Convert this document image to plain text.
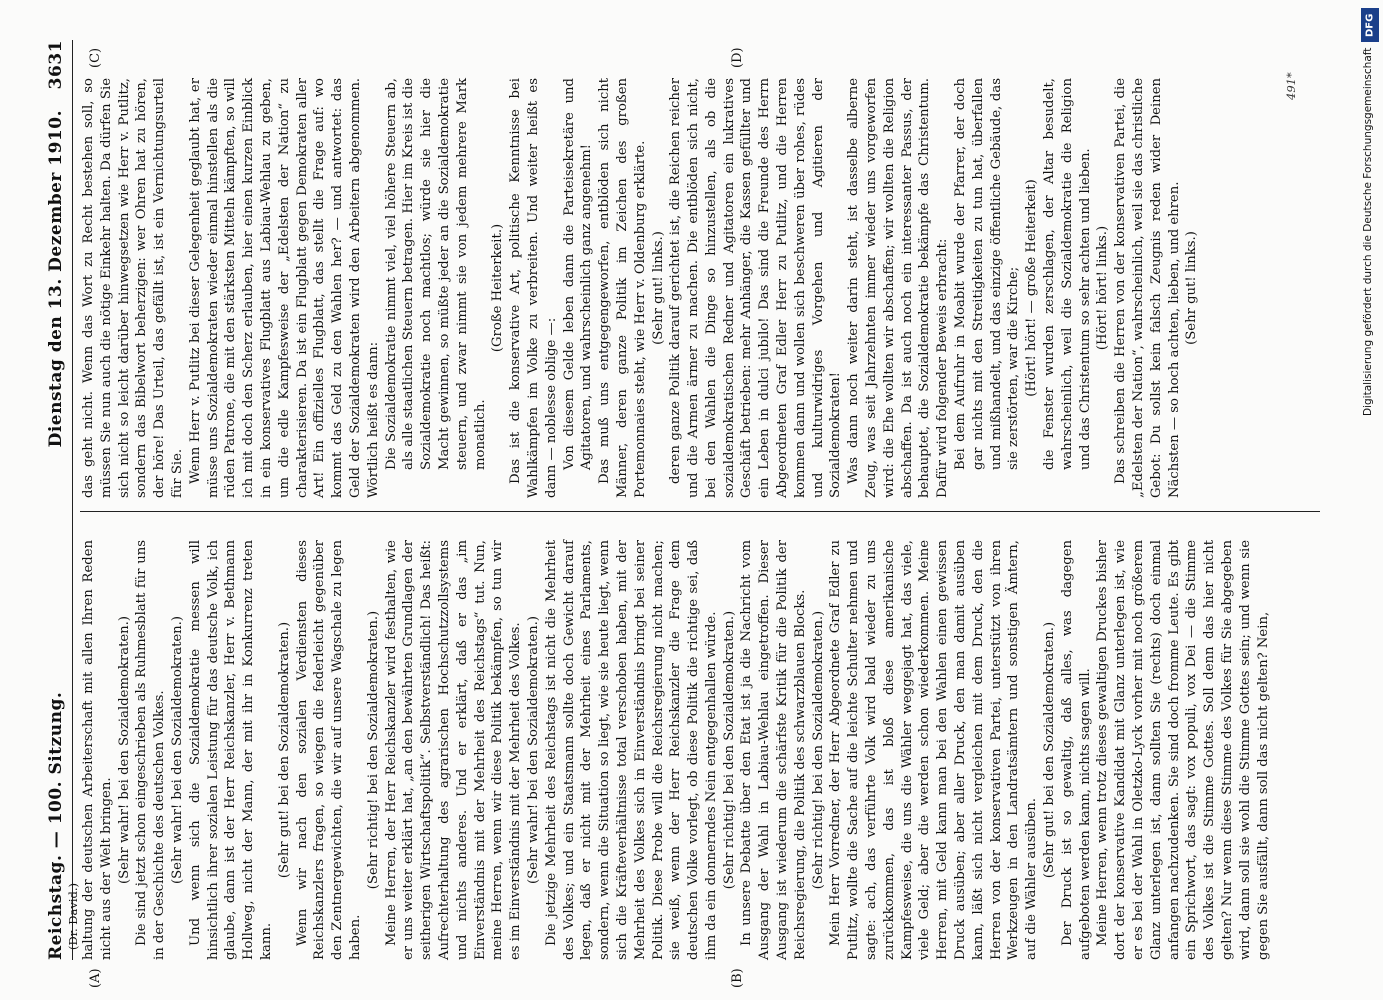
Reichstag. — 100. Sitzung.
Dienstag den 13. Dezember 1910.
3631
(Dr. David.) haltung der deutschen Arbeiterschaft mit allen Ihren Reden nicht aus der Welt bringen. (Sehr wahr! bei den Sozialdemokraten.) Die sind jetzt schon eingeschrieben als Ruhmesblatt für uns in der Geschichte des deutschen Volkes. (Sehr wahr! bei den Sozialdemokraten.) Und wenn sich die Sozialdemokratie messen will hinsichtlich ihrer sozialen Leistung für das deutsche Volk, ich glaube, dann ist der Herr Reichskanzler, Herr v. Bethmann Hollweg, nicht der Mann, der mit ihr in Konkurrenz treten kann.

(Sehr gut! bei den Sozialdemokraten.) Wenn wir nach den sozialen Verdiensten dieses Reichskanzlers fragen, so wiegen die federleicht gegenüber den Zentnergewichten, die wir auf unsere Wagschale zu legen haben.

(Sehr richtig! bei den Sozialdemokraten.) Meine Herren, der Herr Reichskanzler wird festhalten, wie er uns weiter erklärt hat, „an den bewährten Grundlagen der seitherigen Wirtschaftspolitik“. Selbstverständlich! Das heißt: Aufrechterhaltung des agrarischen Hochschutzzollsystems und nichts anderes. Und er erklärt, daß er das „im Einverständnis mit der Mehrheit des Reichstags“ tut. Nun, meine Herren, wenn wir diese Politik bekämpfen, so tun wir es im Einverständnis mit der Mehrheit des Volkes. (Sehr wahr! bei den Sozialdemokraten.) Die jetzige Mehrheit des Reichstags ist nicht die Mehrheit des Volkes; und ein Staatsmann sollte doch Gewicht darauf legen, daß er nicht mit der Mehrheit eines Parlaments, sondern, wenn die Situation so liegt, wie sie heute liegt, wenn sich die Kräfteverhältnisse total verschoben haben, mit der Mehrheit des Volkes sich in Einverständnis bringt bei seiner Politik. Diese Probe will die Reichsregierung nicht machen; sie weiß, wenn der Herr Reichskanzler die Frage dem deutschen Volke vorlegt, ob diese Politik die richtige sei, daß ihm da ein donnerndes Nein entgegenhallen würde. (Sehr richtig! bei den Sozialdemokraten.) In unsere Debatte über den Etat ist ja die Nachricht vom Ausgang der Wahl in Labiau-Wehlau eingetroffen. Dieser Ausgang ist wiederum die schärfste Kritik für die Politik der Reichsregierung, die Politik des schwarzblauen Blocks. (Sehr richtig! bei den Sozialdemokraten.) Mein Herr Vorredner, der Herr Abgeordnete Graf Edler zu Putlitz, wollte die Sache auf die leichte Schulter nehmen und sagte: ach, das verführte Volk wird bald wieder zu uns zurückkommen, das ist bloß diese amerikanische Kampfesweise, die uns die Wähler weggejagt hat, das viele, viele Geld; aber die werden schon wiederkommen. Meine Herren, mit Geld kann man bei den Wahlen einen gewissen Druck ausüben; aber aller Druck, den man damit ausüben kann, läßt sich nicht vergleichen mit dem Druck, den die Herren von der konservativen Partei, unterstützt von ihren Werkzeugen in den Landratsämtern und sonstigen Ämtern, auf die Wähler ausüben.

(Sehr gut! bei den Sozialdemokraten.) Der Druck ist so gewaltig, daß alles, was dagegen aufgeboten werden kann, nichts sagen will. Meine Herren, wenn trotz dieses gewaltigen Druckes bisher dort der konservative Kandidat mit Glanz unterlegen ist, wie er es bei der Wahl in Oletzko-Lyck vorher mit noch größerem Glanz unterlegen ist, dann sollten Sie (rechts) doch einmal anfangen nachzudenken. Sie sind doch fromme Leute. Es gibt ein Sprichwort, das sagt: vox populi, vox Dei — die Stimme des Volkes ist die Stimme Gottes. Soll denn das hier nicht gelten? Nur wenn diese Stimme des Volkes für Sie abgegeben wird, dann soll sie wohl die Stimme Gottes sein; und wenn sie gegen Sie ausfällt, dann soll das nicht gelten? Nein,

das geht nicht. Wenn das Wort zu Recht bestehen soll, so müssen Sie nun auch die nötige Einkehr halten. Da dürfen Sie sich nicht so leicht darüber hinwegsetzen wie Herr v. Putlitz, sondern das Bibelwort beherzigen: wer Ohren hat zu hören, der höre! Das Urteil, das gefällt ist, ist ein Vernichtungsurteil für Sie. Wenn Herr v. Putlitz bei dieser Gelegenheit geglaubt hat, er müsse uns Sozialdemokraten wieder einmal hinstellen als die rüden Patrone, die mit den stärksten Mitteln kämpften, so will ich mit doch den Scherz erlauben, hier einen kurzen Einblick in ein konservatives Flugblatt aus Labiau-Wehlau zu geben, um die edle Kampfesweise der „Edelsten der Nation“ zu charakterisieren. Da ist ein Flugblatt gegen Demokraten aller Art! Ein offizielles Flugblatt, das stellt die Frage auf: wo kommt das Geld zu den Wahlen her? — und antwortet: das Geld der Sozialdemokraten wird den Arbeitern abgenommen. Wörtlich heißt es dann: Die Sozialdemokratie nimmt viel, viel höhere Steuern ab, als alle staatlichen Steuern betragen. Hier im Kreis ist die Sozialdemokratie noch machtlos; würde sie hier die Macht gewinnen, so müßte jeder an die Sozialdemokratie steuern, und zwar nimmt sie von jedem mehrere Mark monatlich.

(Große Heiterkeit.) Das ist die konservative Art, politische Kenntnisse bei Wahlkämpfen im Volke zu verbreiten. Und weiter heißt es dann — noblesse oblige —: Von diesem Gelde leben dann die Parteisekretäre und Agitatoren, und wahrscheinlich ganz angenehm! Das muß uns entgegengeworfen, entblöden sich nicht Männer, deren ganze Politik im Zeichen des großen Portemonnaies steht, wie Herr v. Oldenburg erklärte. (Sehr gut! links.) deren ganze Politik darauf gerichtet ist, die Reichen reicher und die Armen ärmer zu machen. Die entblöden sich nicht, bei den Wahlen die Dinge so hinzustellen, als ob die sozialdemokratischen Redner und Agitatoren ein lukratives Geschäft betrieben: mehr Anhänger, die Kassen gefüllter und ein Leben in dulci jubilo! Das sind die Freunde des Herrn Abgeordneten Graf Edler Herr zu Putlitz, und die Herren kommen dann und wollen sich beschweren über rohes, rüdes und kulturwidriges Vorgehen und Agitieren der Sozialdemokraten! Was dann noch weiter darin steht, ist dasselbe alberne Zeug, was seit Jahrzehnten immer wieder uns vorgeworfen wird: die Ehe wollten wir abschaffen; wir wollten die Religion abschaffen. Da ist auch noch ein interessanter Passus, der behauptet, die Sozialdemokratie bekämpfe das Christentum. Dafür wird folgender Beweis erbracht: Bei dem Aufruhr in Moabit wurde der Pfarrer, der doch gar nichts mit den Streitigkeiten zu tun hat, überfallen und mißhandelt, und das einzige öffentliche Gebäude, das sie zerstörten, war die Kirche; (Hört! hört! — große Heiterkeit) die Fenster wurden zerschlagen, der Altar besudelt, wahrscheinlich, weil die Sozialdemokratie die Religion und das Christentum so sehr achten und lieben. (Hört! hört! links.) Das schreiben die Herren von der konservativen Partei, die „Edelsten der Nation“, wahrscheinlich, weil sie das christliche Gebot: Du sollst kein falsch Zeugnis reden wider Deinen Nächsten — so hoch achten, lieben, und ehren. (Sehr gut! links.)

(A)	(B)
(C)	(D)
491*
DFG
Digitalisierung gefördert durch die Deutsche Forschungsgemeinschaft
